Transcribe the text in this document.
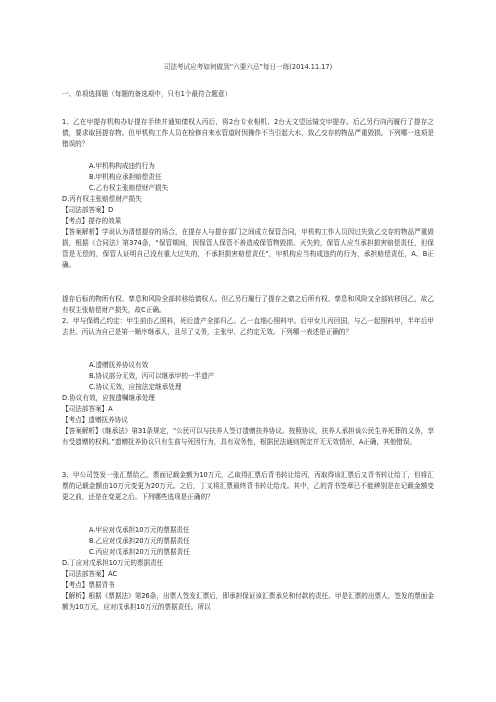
司法考试应考如何做到“六要六忌”每日一练(2014.11.17)
一、单项选择题（每题的备选项中，只有1个最符合题意）
1、乙在甲提存机构办好提存手续并通知债权人丙后，将2台专业相机、2台天文望远镜交甲提存。后乙另行向丙履行了提存之债，要求取回提存物。但甲机构工作人员在检修自来水管道时因操作不当引起大水，致乙交存的物品严重毁损。下列哪一选项是错误的？
A.甲机构构成违约行为
B.甲机构应承担赔偿责任
C.乙有权主张赔偿财产损失
D.丙有权主张赔偿财产损失
【司法部答案】D
【考点】提存的效果
【答案解析】学说认为清偿提存的场合，在提存人与提存部门之间成立保管合同，甲机构工作人员因过失致乙交存的物品严重毁损，根据《合同法》第374条，“保管期间，因保管人保管不善造成保管物毁损、灭失的，保管人应当承担损害赔偿责任，但保管是无偿的，保管人证明自己没有重大过失的，不承担损害赔偿责任”，甲机构应当构成违约的行为，承担赔偿责任，A、B正确。
提存后标的物所有权、孳息和风险全部转移给债权人。但乙另行履行了提存之债之后所有权、孳息和风险又全部转移回乙，故乙有权主张赔偿财产损失，故C正确。
2、甲与保姆乙约定：甲生前由乙照料，死后遗产全部归乙。乙一直细心照料甲。后甲女儿丙回国，与乙一起照料甲，半年后甲去世。丙认为自己是第一顺序继承人，且尽了义务，主张甲、乙约定无效。下列哪一表述是正确的？
A.遗赠抚养协议有效
B.协议部分无效，丙可以继承甲的一半遗产
C.协议无效，应按法定继承处理
D.协议有效，应按遗嘱继承处理
【司法部答案】A
【考点】遗赠抚养协议
【答案解析】《继承法》第31条规定，“公民可以与扶养人签订遗赠扶养协议。按照协议，扶养人承担该公民生养死葬的义务，享有受遗赠的权利。”遗赠抚养协议只有生前与死因行为，具有双务性，根据民法通则规定并无无效情形，A正确，其他错误。
3、甲公司签发一张汇票给乙，票面记载金额为10万元，乙取得汇票后背书转让给丙，丙取得该汇票后又背书转让给丁，但将汇票的记载金额由10万元变更为20万元。之后，丁又将汇票最终背书转让给戊。其中，乙的背书签章已不能辨别是在记载金额变更之前，还是在变更之后。下列哪些选项是正确的？
A.甲应对戊承担10万元的票据责任
B.乙应对戊承担20万元的票据责任
C.丙应对戊承担20万元的票据责任
D.丁应对戊承担10万元的票据责任
【司法部答案】AC
【考点】票据背书
【解析】根据《票据法》第26条，出票人签发汇票后，即承担保证该汇票承兑和付款的责任。甲是汇票的出票人，签发的票面金额为10万元，应对戊承担10万元的票据责任。所以
